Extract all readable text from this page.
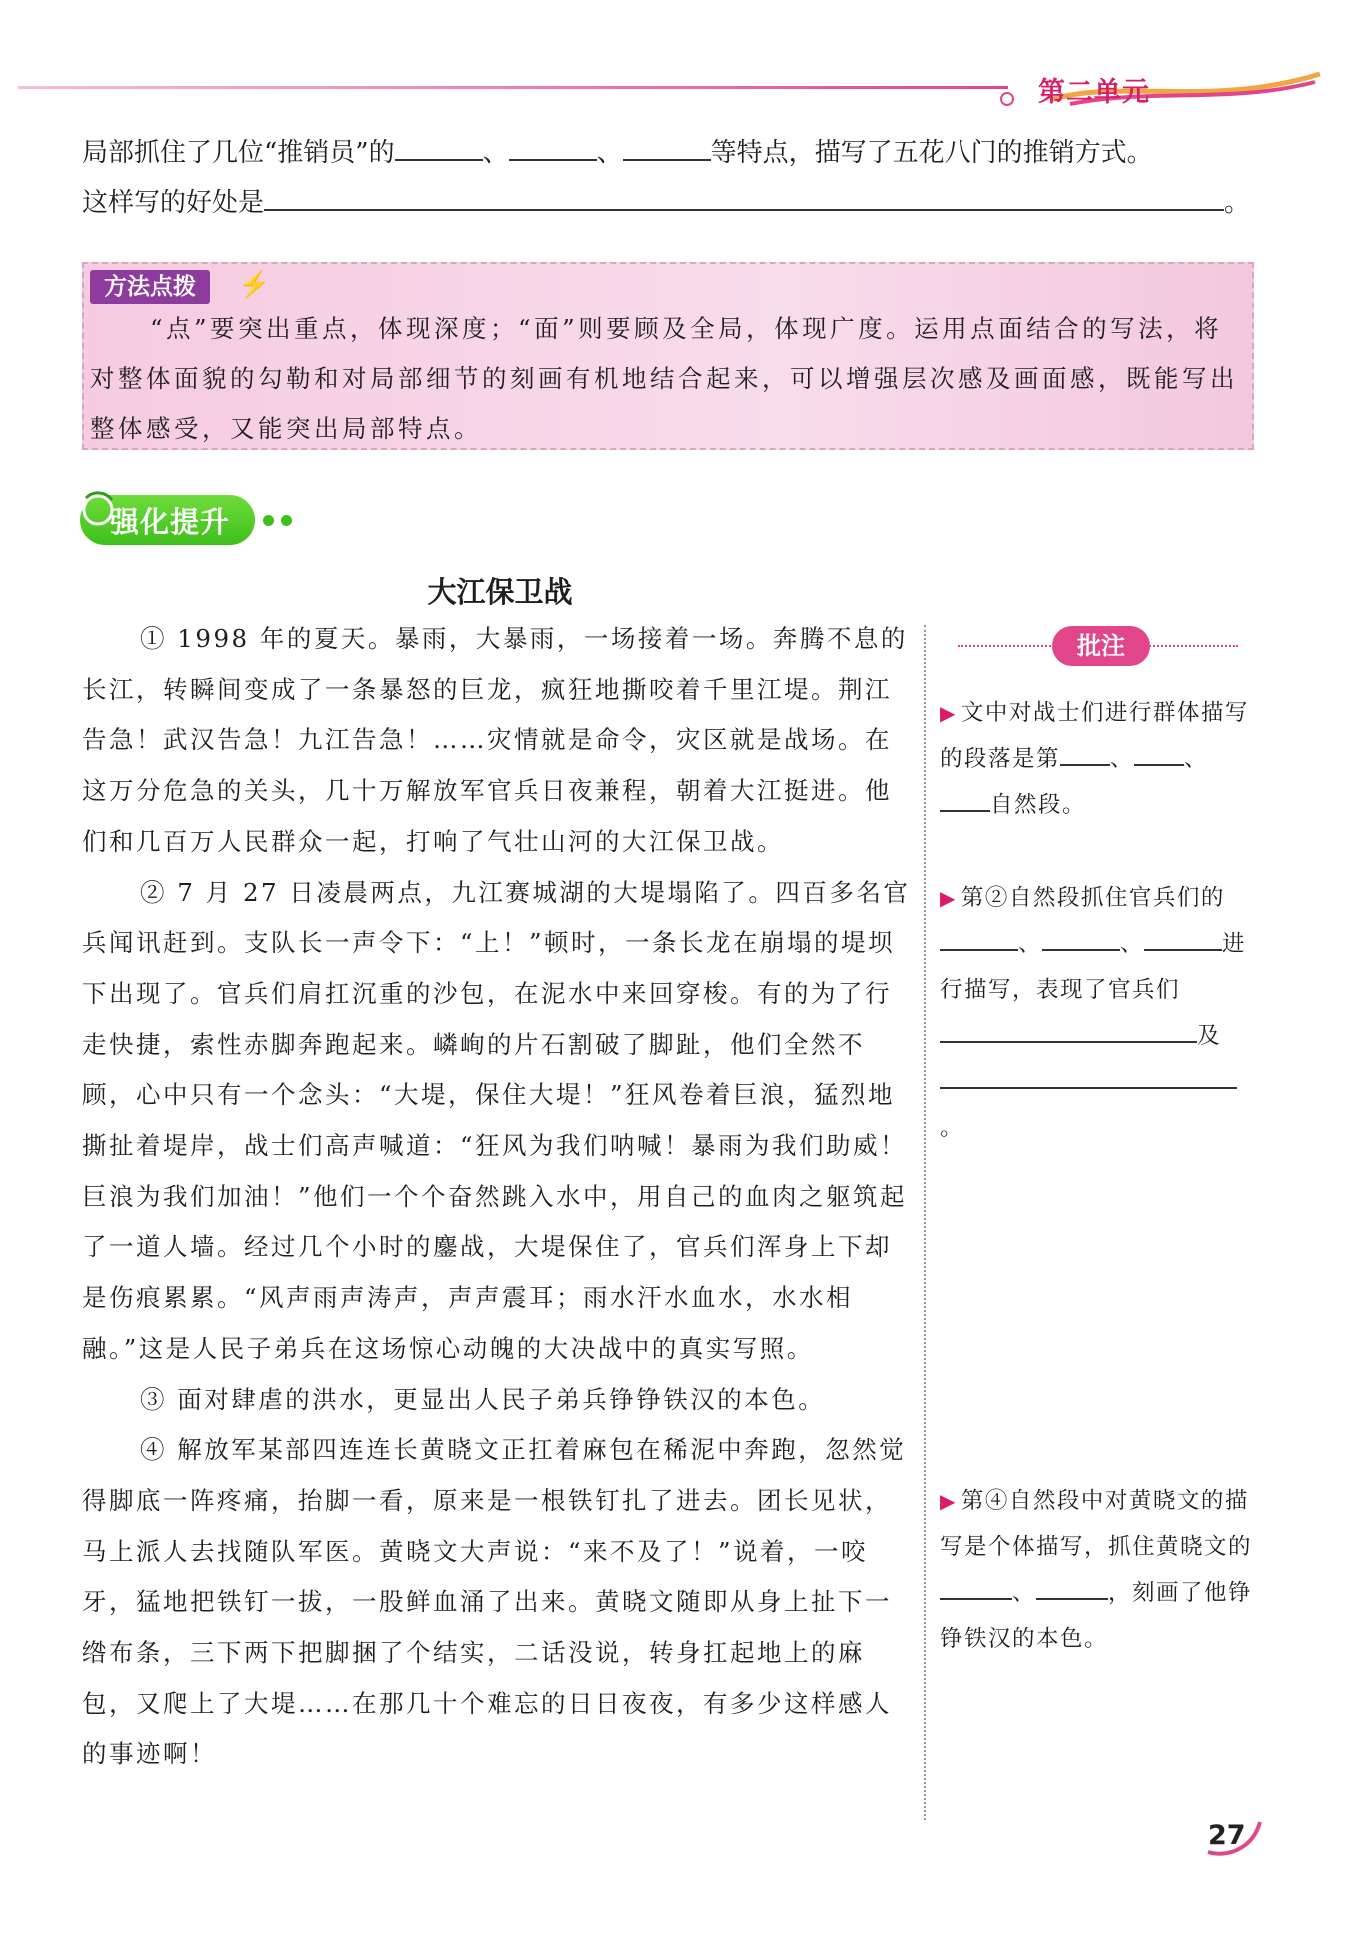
第二单元
局部抓住了几位“推销员”的	、	、	等特点，描写了五花八门的推销方式。
这样写的好处是	。
方法点拨	⚡
“点”要突出重点，体现深度；“面”则要顾及全局，体现广度。运用点面结合的写法，将对整体面貌的勾勒和对局部细节的刻画有机地结合起来，可以增强层次感及画面感，既能写出整体感受，又能突出局部特点。
强化提升
大江保卫战

① 1998 年的夏天。暴雨，大暴雨，一场接着一场。奔腾不息的长江，转瞬间变成了一条暴怒的巨龙，疯狂地撕咬着千里江堤。荆江告急！武汉告急！九江告急！……灾情就是命令，灾区就是战场。在这万分危急的关头，几十万解放军官兵日夜兼程，朝着大江挺进。他们和几百万人民群众一起，打响了气壮山河的大江保卫战。

② 7 月 27 日凌晨两点，九江赛城湖的大堤塌陷了。四百多名官兵闻讯赶到。支队长一声令下：“上！”顿时，一条长龙在崩塌的堤坝下出现了。官兵们肩扛沉重的沙包，在泥水中来回穿梭。有的为了行走快捷，索性赤脚奔跑起来。嶙峋的片石割破了脚趾，他们全然不顾，心中只有一个念头：“大堤，保住大堤！”狂风卷着巨浪，猛烈地撕扯着堤岸，战士们高声喊道：“狂风为我们呐喊！暴雨为我们助威！巨浪为我们加油！”他们一个个奋然跳入水中，用自己的血肉之躯筑起了一道人墙。经过几个小时的鏖战，大堤保住了，官兵们浑身上下却是伤痕累累。“风声雨声涛声，声声震耳；雨水汗水血水，水水相融。”这是人民子弟兵在这场惊心动魄的大决战中的真实写照。

③ 面对肆虐的洪水，更显出人民子弟兵铮铮铁汉的本色。

④ 解放军某部四连连长黄晓文正扛着麻包在稀泥中奔跑，忽然觉得脚底一阵疼痛，抬脚一看，原来是一根铁钉扎了进去。团长见状，马上派人去找随队军医。黄晓文大声说：“来不及了！”说着，一咬牙，猛地把铁钉一拔，一股鲜血涌了出来。黄晓文随即从身上扯下一绺布条，三下两下把脚捆了个结实，二话没说，转身扛起地上的麻包，又爬上了大堤……在那几十个难忘的日日夜夜，有多少这样感人的事迹啊！

批注
▶ 文中对战士们进行群体描写的段落是第 、 、自然段。
▶ 第②自然段抓住官兵们的、	、	进行描写，表现了官兵们及。
▶ 第④自然段中对黄晓文的描写是个体描写，抓住黄晓文的、	，刻画了他铮铮铁汉的本色。
27
